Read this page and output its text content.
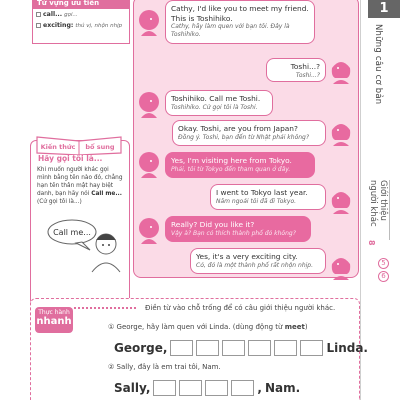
1
Những câu cơ bản
Giới thiệu người khác
8
5
6
Từ vựng ưu tiên
call... gọi...
exciting: thú vị, nhộn nhịp
Kiến thức bổ sung
Hãy gọi tôi là...
Khi muốn người khác gọi mình bằng tên nào đó, chẳng hạn tên thân mật hay biệt danh, bạn hãy nói Call me... (Cứ gọi tôi là...)
Call me...
Cathy, I'd like you to meet my friend. This is Toshihiko.
Cathy, hãy làm quen với bạn tôi. Đây là Toshihiko.
Toshi...?
Toshi...?
Toshihiko. Call me Toshi.
Toshihiko. Cứ gọi tôi là Toshi.
Okay. Toshi, are you from Japan?
Đồng ý. Toshi, bạn đến từ Nhật phải không?
Yes, I'm visiting here from Tokyo.
Phải, tôi từ Tokyo đến tham quan ở đây.
I went to Tokyo last year.
Năm ngoái tôi đã đi Tokyo.
Really? Did you like it?
Vậy à? Bạn có thích thành phố đó không?
Yes, it's a very exciting city.
Có, đó là một thành phố rất nhộn nhịp.
Thực hành
nhanh
Điền từ vào chỗ trống để có câu giới thiệu người khác.
① George, hãy làm quen với Linda. (dùng động từ meet)
George,	Linda.
② Sally, đây là em trai tôi, Nam.
Sally,	, Nam.
